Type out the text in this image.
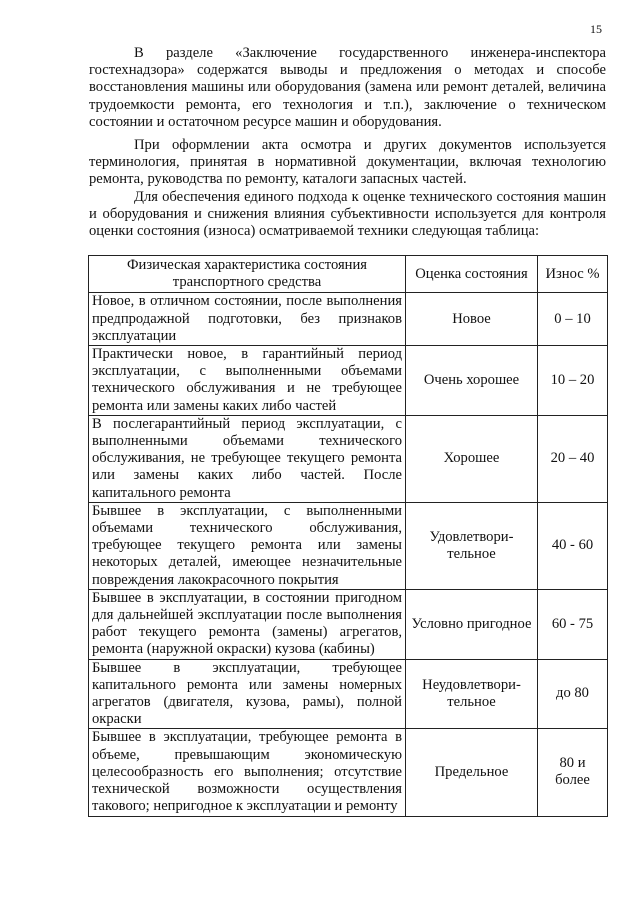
15

В разделе «Заключение государственного инженера-инспектора гостехнадзора» содержатся выводы и предложения о методах и способе восстановления машины или оборудования (замена или ремонт деталей, величина трудоемкости ремонта, его технология и т.п.), заключение о техническом состоянии и остаточном ресурсе машин и оборудования.

При оформлении акта осмотра и других документов используется терминология, принятая в нормативной документации, включая технологию ремонта, руководства по ремонту, каталоги запасных частей.

Для обеспечения единого подхода к оценке технического состояния машин и оборудования и снижения влияния субъективности используется для контроля оценки состояния (износа) осматриваемой техники следующая таблица:

Физическая характеристика состояния транспортного средства	Оценка состояния	Износ %
Новое, в отличном состоянии, после выполнения предпродажной подготовки, без признаков эксплуатации	Новое	0 – 10
Практически новое, в гарантийный период эксплуатации, с выполненными объемами технического обслуживания и не требующее ремонта или замены каких либо частей	Очень хорошее	10 – 20
В послегарантийный период эксплуатации, с выполненными объемами технического обслуживания, не требующее текущего ремонта или замены каких либо частей. После капитального ремонта	Хорошее	20 – 40
Бывшее в эксплуатации, с выполненными объемами технического обслуживания, требующее текущего ремонта или замены некоторых деталей, имеющее незначительные повреждения лакокрасочного покрытия	Удовлетворительное	40 - 60
Бывшее в эксплуатации, в состоянии пригодном для дальнейшей эксплуатации после выполнения работ текущего ремонта (замены) агрегатов, ремонта (наружной окраски) кузова (кабины)	Условно пригодное	60 - 75
Бывшее в эксплуатации, требующее капитального ремонта или замены номерных агрегатов (двигателя, кузова, рамы), полной окраски	Неудовлетворительное	до 80
Бывшее в эксплуатации, требующее ремонта в объеме, превышающим экономическую целесообразность его выполнения; отсутствие технической возможности осуществления такового; непригодное к эксплуатации и ремонту	Предельное	80 и более
